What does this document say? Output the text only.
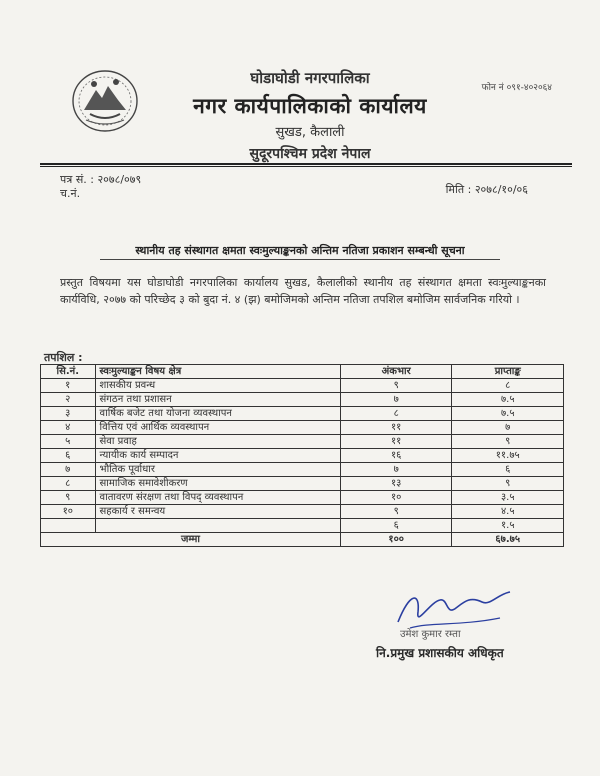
घोडाघोडी नगरपालिका
नगर कार्यपालिकाको कार्यालय
सुखड, कैलाली
सुदूरपश्चिम प्रदेश नेपाल
फोन नं ०९१-४०२०६४
पत्र सं. : २०७८/०७९
च.नं.	मिति : २०७८/१०/०६
स्थानीय तह संस्थागत क्षमता स्वःमुल्याङ्कनको अन्तिम नतिजा प्रकाशन सम्बन्धी सूचना
प्रस्तुत विषयमा यस घोडाघोडी नगरपालिका कार्यालय सुखड, कैलालीको स्थानीय तह संस्थागत क्षमता स्वःमुल्याङ्कनका कार्यविधि, २०७७ को परिच्छेद ३ को बुदा नं. ४ (झ) बमोजिमको अन्तिम नतिजा तपशिल बमोजिम सार्वजनिक गरियो ।
तपशिल :
सि.नं.	स्वःमुल्याङ्कन विषय क्षेत्र	अंकभार	प्राप्ताङ्क
१	शासकीय प्रवन्ध	९	८
२	संगठन तथा प्रशासन	७	७.५
३	वार्षिक बजेट तथा योजना व्यवस्थापन	८	७.५
४	वित्तिय एवं आर्थिक व्यवस्थापन	११	७
५	सेवा प्रवाह	११	९
६	न्यायीक कार्य सम्पादन	१६	११.७५
७	भौतिक पूर्वाधार	७	६
८	सामाजिक समावेशीकरण	१३	९
९	वातावरण संरक्षण तथा विपद् व्यवस्थापन	१०	३.५
१०	सहकार्य र समन्वय	९	४.५
		६	१.५
जम्मा		१००	६७.७५
उमेश कुमार रम्ता
नि.प्रमुख प्रशासकीय अधिकृत
